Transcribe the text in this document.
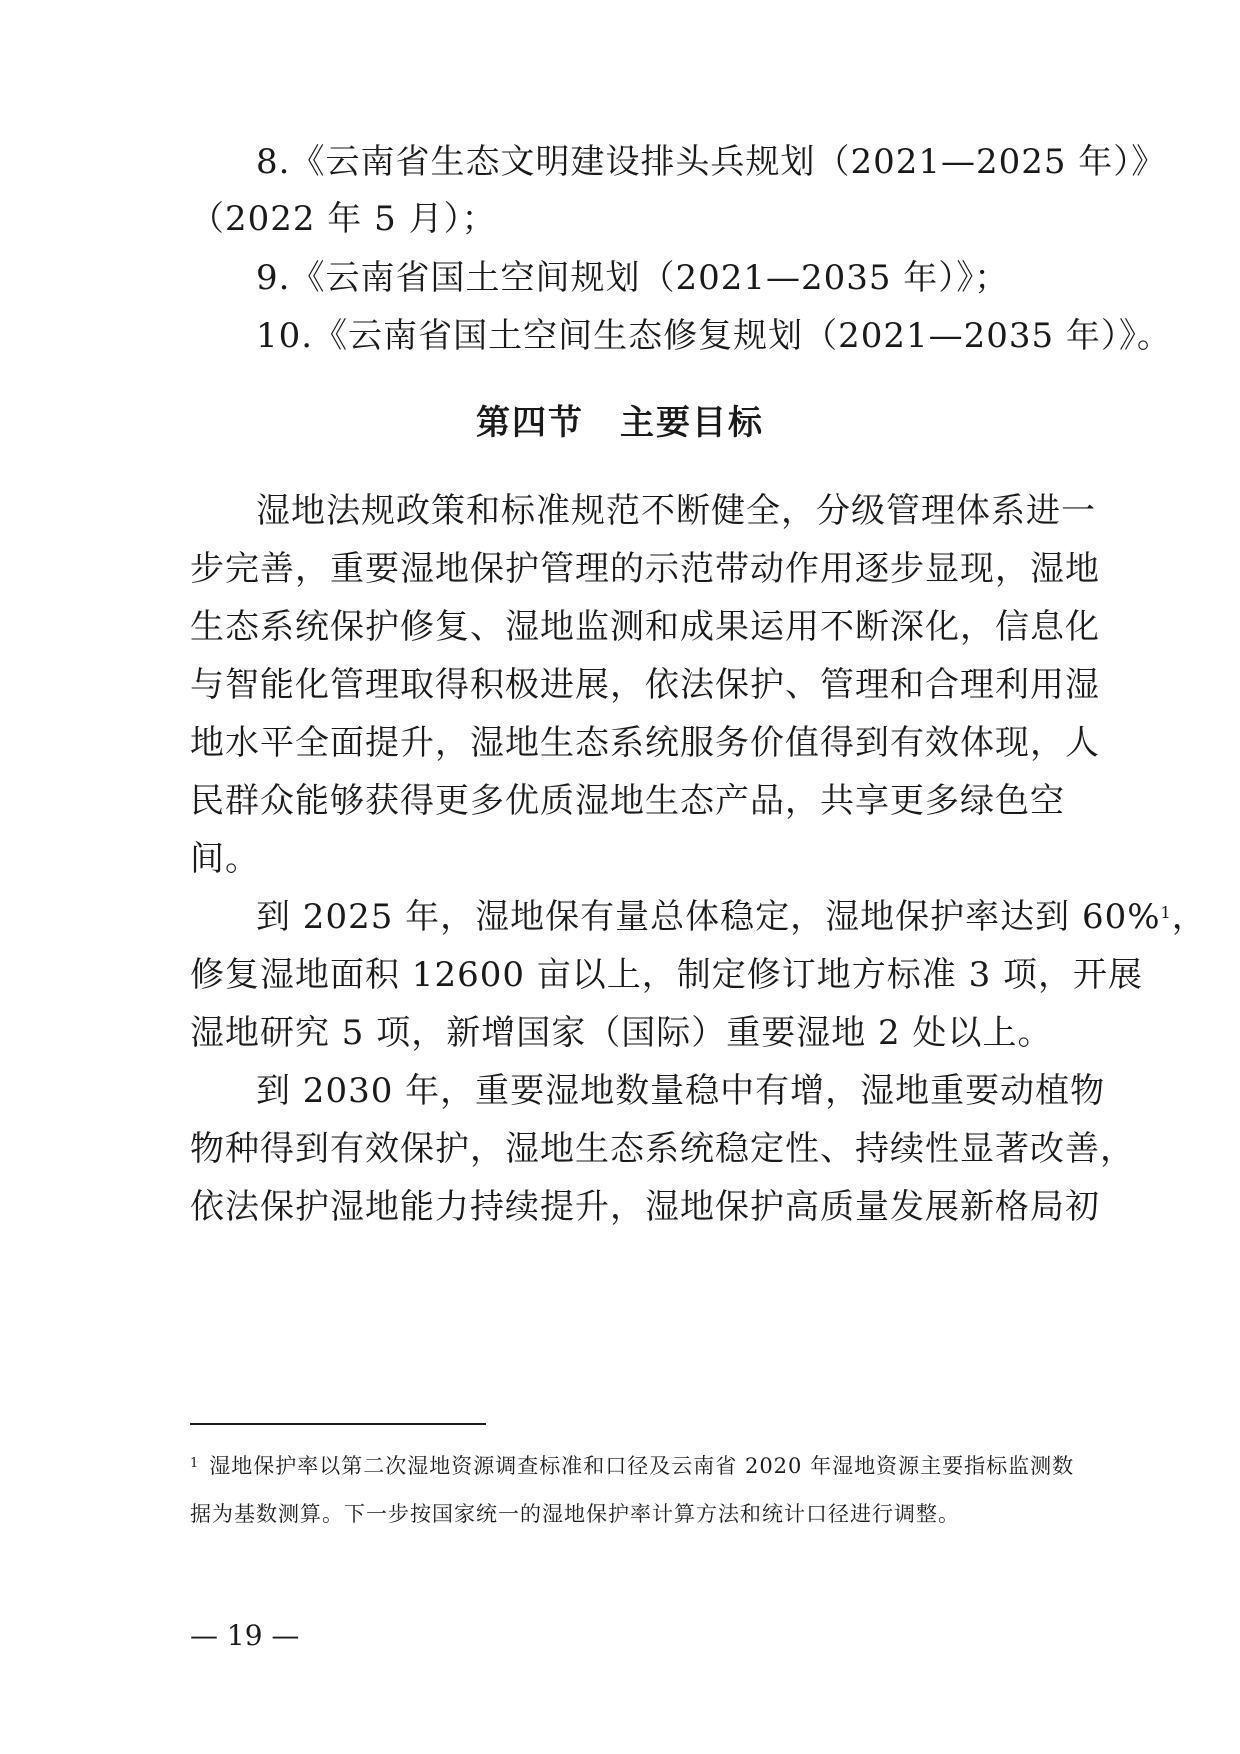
8.《云南省生态文明建设排头兵规划（2021—2025 年）》
（2022 年 5 月）；
9.《云南省国土空间规划（2021—2035 年）》；
10.《云南省国土空间生态修复规划（2021—2035 年）》。
第四节 主要目标
湿地法规政策和标准规范不断健全，分级管理体系进一
步完善，重要湿地保护管理的示范带动作用逐步显现，湿地
生态系统保护修复、湿地监测和成果运用不断深化，信息化
与智能化管理取得积极进展，依法保护、管理和合理利用湿
地水平全面提升，湿地生态系统服务价值得到有效体现，人
民群众能够获得更多优质湿地生态产品，共享更多绿色空
间。
到 2025 年，湿地保有量总体稳定，湿地保护率达到 60%$^1$，
修复湿地面积 12600 亩以上，制定修订地方标准 3 项，开展
湿地研究 5 项，新增国家（国际）重要湿地 2 处以上。
到 2030 年，重要湿地数量稳中有增，湿地重要动植物
物种得到有效保护，湿地生态系统稳定性、持续性显著改善，
依法保护湿地能力持续提升，湿地保护高质量发展新格局初
$^1$ 湿地保护率以第二次湿地资源调查标准和口径及云南省 2020 年湿地资源主要指标监测数
据为基数测算。下一步按国家统一的湿地保护率计算方法和统计口径进行调整。
— 19 —
